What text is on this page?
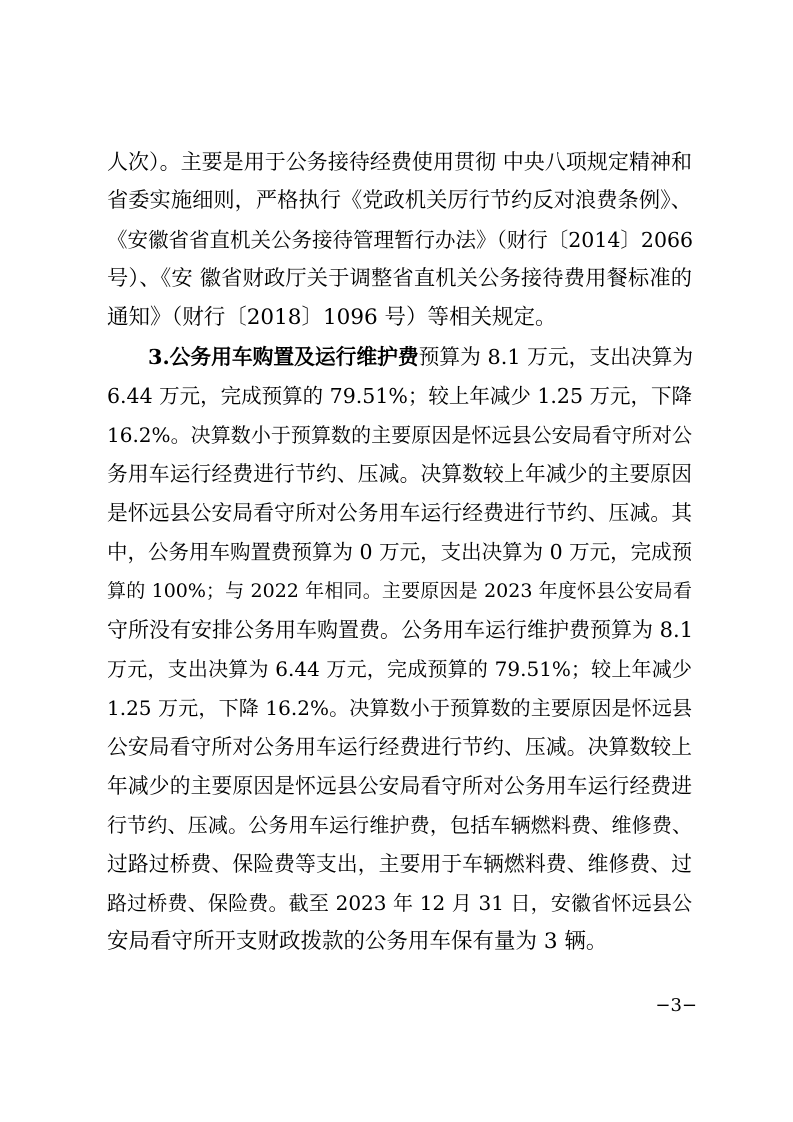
人次）。主要是用于公务接待经费使用贯彻 中央八项规定精神和
省委实施细则，严格执行《党政机关厉行节约反对浪费条例》、
《安徽省省直机关公务接待管理暂行办法》（财行〔2014〕2066
号）、《安 徽省财政厅关于调整省直机关公务接待费用餐标准的
通知》（财行〔2018〕1096 号）等相关规定。
3.公务用车购置及运行维护费预算为 8.1 万元，支出决算为
6.44 万元，完成预算的 79.51%；较上年减少 1.25 万元，下降
16.2%。决算数小于预算数的主要原因是怀远县公安局看守所对公
务用车运行经费进行节约、压减。决算数较上年减少的主要原因
是怀远县公安局看守所对公务用车运行经费进行节约、压减。其
中，公务用车购置费预算为 0 万元，支出决算为 0 万元，完成预
算的 100%；与 2022 年相同。主要原因是 2023 年度怀县公安局看
守所没有安排公务用车购置费。公务用车运行维护费预算为 8.1
万元，支出决算为 6.44 万元，完成预算的 79.51%；较上年减少
1.25 万元，下降 16.2%。决算数小于预算数的主要原因是怀远县
公安局看守所对公务用车运行经费进行节约、压减。决算数较上
年减少的主要原因是怀远县公安局看守所对公务用车运行经费进
行节约、压减。公务用车运行维护费，包括车辆燃料费、维修费、
过路过桥费、保险费等支出，主要用于车辆燃料费、维修费、过
路过桥费、保险费。截至 2023 年 12 月 31 日，安徽省怀远县公
安局看守所开支财政拨款的公务用车保有量为 3 辆。
−3−
